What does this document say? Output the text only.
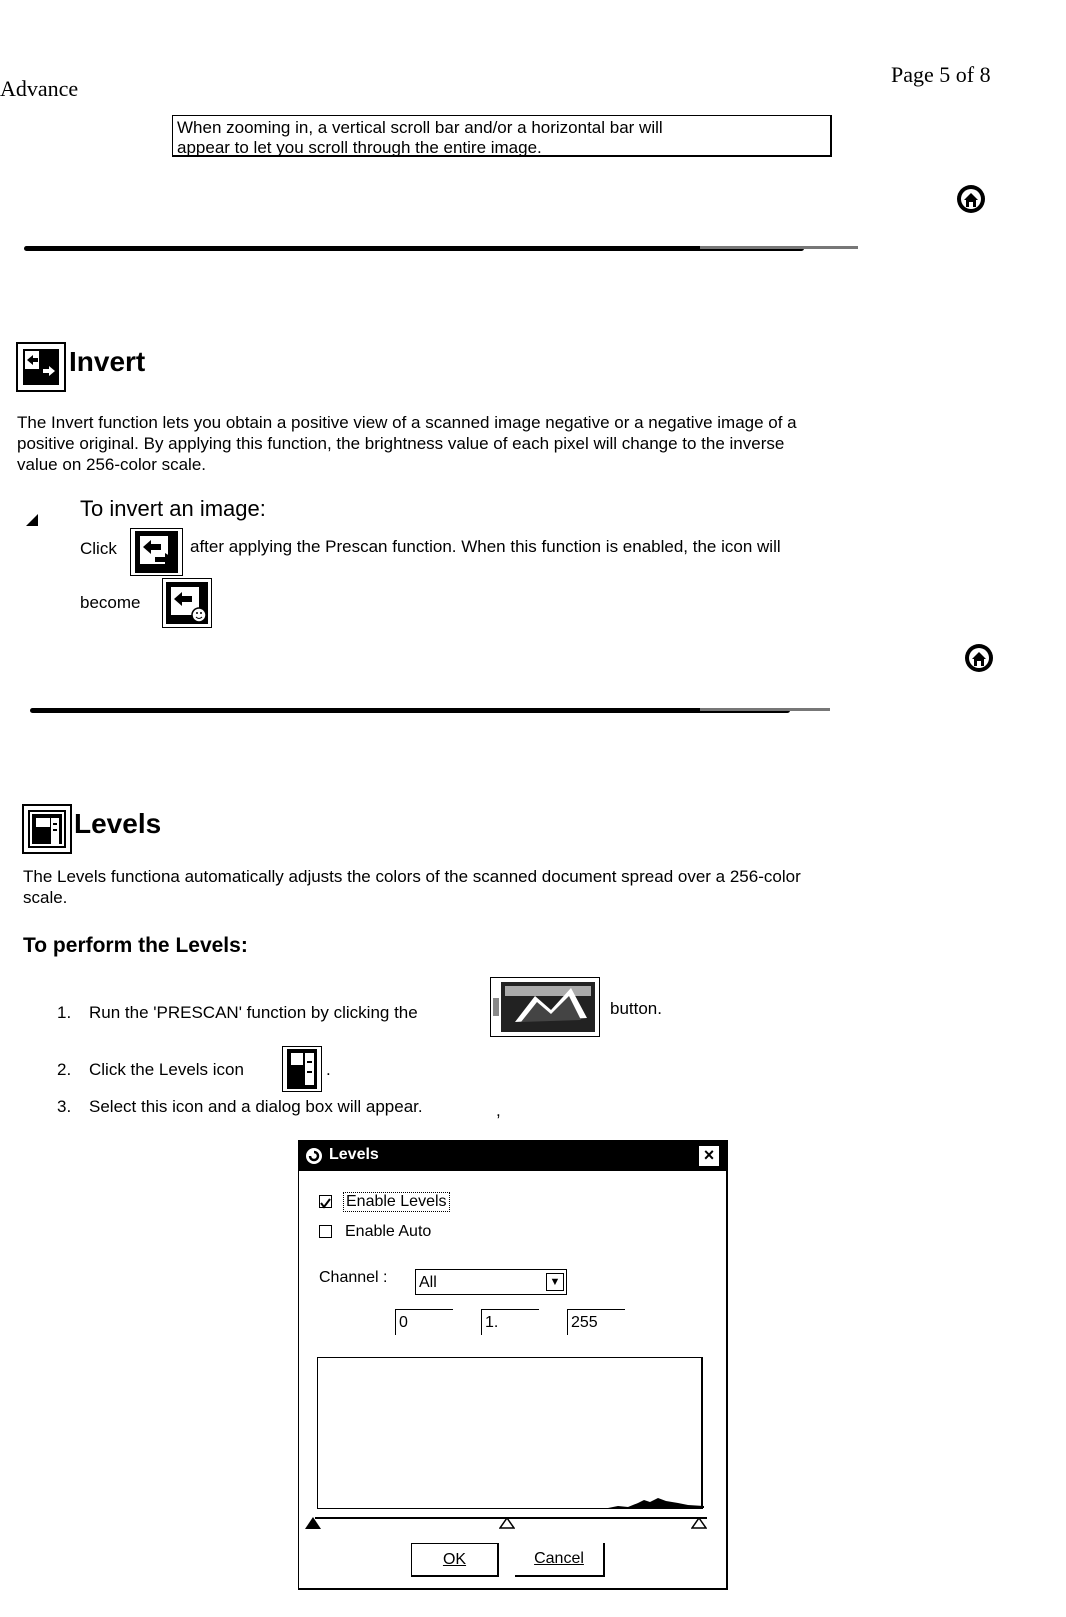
Advance
Page 5 of 8
When zooming in, a vertical scroll bar and/or a horizontal bar will
appear to let you scroll through the entire image.
Invert
The Invert function lets you obtain a positive view of a scanned image negative or a negative image of a
positive original. By applying this function, the brightness value of each pixel will change to the inverse
value on 256-color scale.
To invert an image:
Click	after applying the Prescan function. When this function is enabled, the icon will
become
Levels
The Levels functiona automatically adjusts the colors of the scanned document spread over a 256-color
scale.
To perform the Levels:
1. Run the 'PRESCAN' function by clicking the	button.
2. Click the Levels icon	.
3. Select this icon and a dialog box will appear.	,
Levels	×
Enable Levels
Enable Auto
Channel : All	▼
0	1.	255
OK	Cancel
